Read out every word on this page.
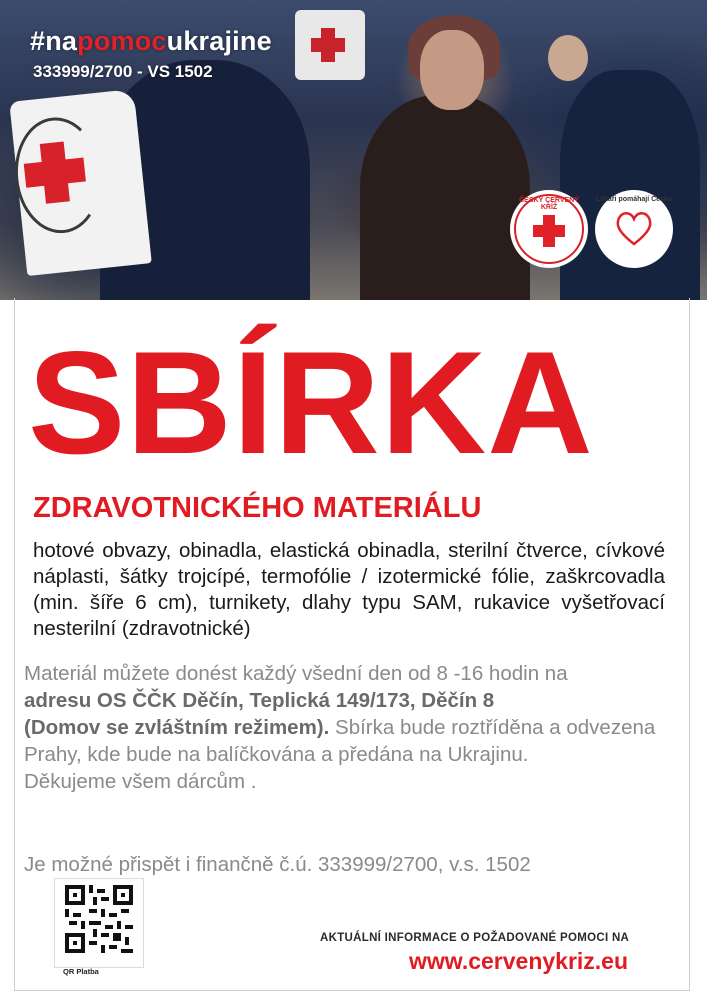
#napomocukrajine
333999/2700 - VS 1502
ČESKÝ ČERVENÝ KŘÍŽ
Lékaři pomáhají Česku
SBÍRKA
ZDRAVOTNICKÉHO MATERIÁLU
hotové obvazy, obinadla, elastická obinadla, sterilní čtverce, cívkové náplasti, šátky trojcípé, termofólie / izotermické fólie, zaškrcovadla (min. šíře 6 cm), turnikety, dlahy typu SAM, rukavice vyšetřovací nesterilní (zdravotnické)
Materiál můžete donést každý všední den od 8 -16 hodin na
adresu OS ČČK Děčín, Teplická 149/173, Děčín 8
(Domov se zvláštním režimem). Sbírka bude roztříděna a odvezena Prahy, kde bude na balíčkována a předána na Ukrajinu.
Děkujeme všem dárcům .
Je možné přispět i finančně č.ú. 333999/2700, v.s. 1502
QR Platba
AKTUÁLNÍ INFORMACE O POŽADOVANÉ POMOCI NA
www.cervenykriz.eu
